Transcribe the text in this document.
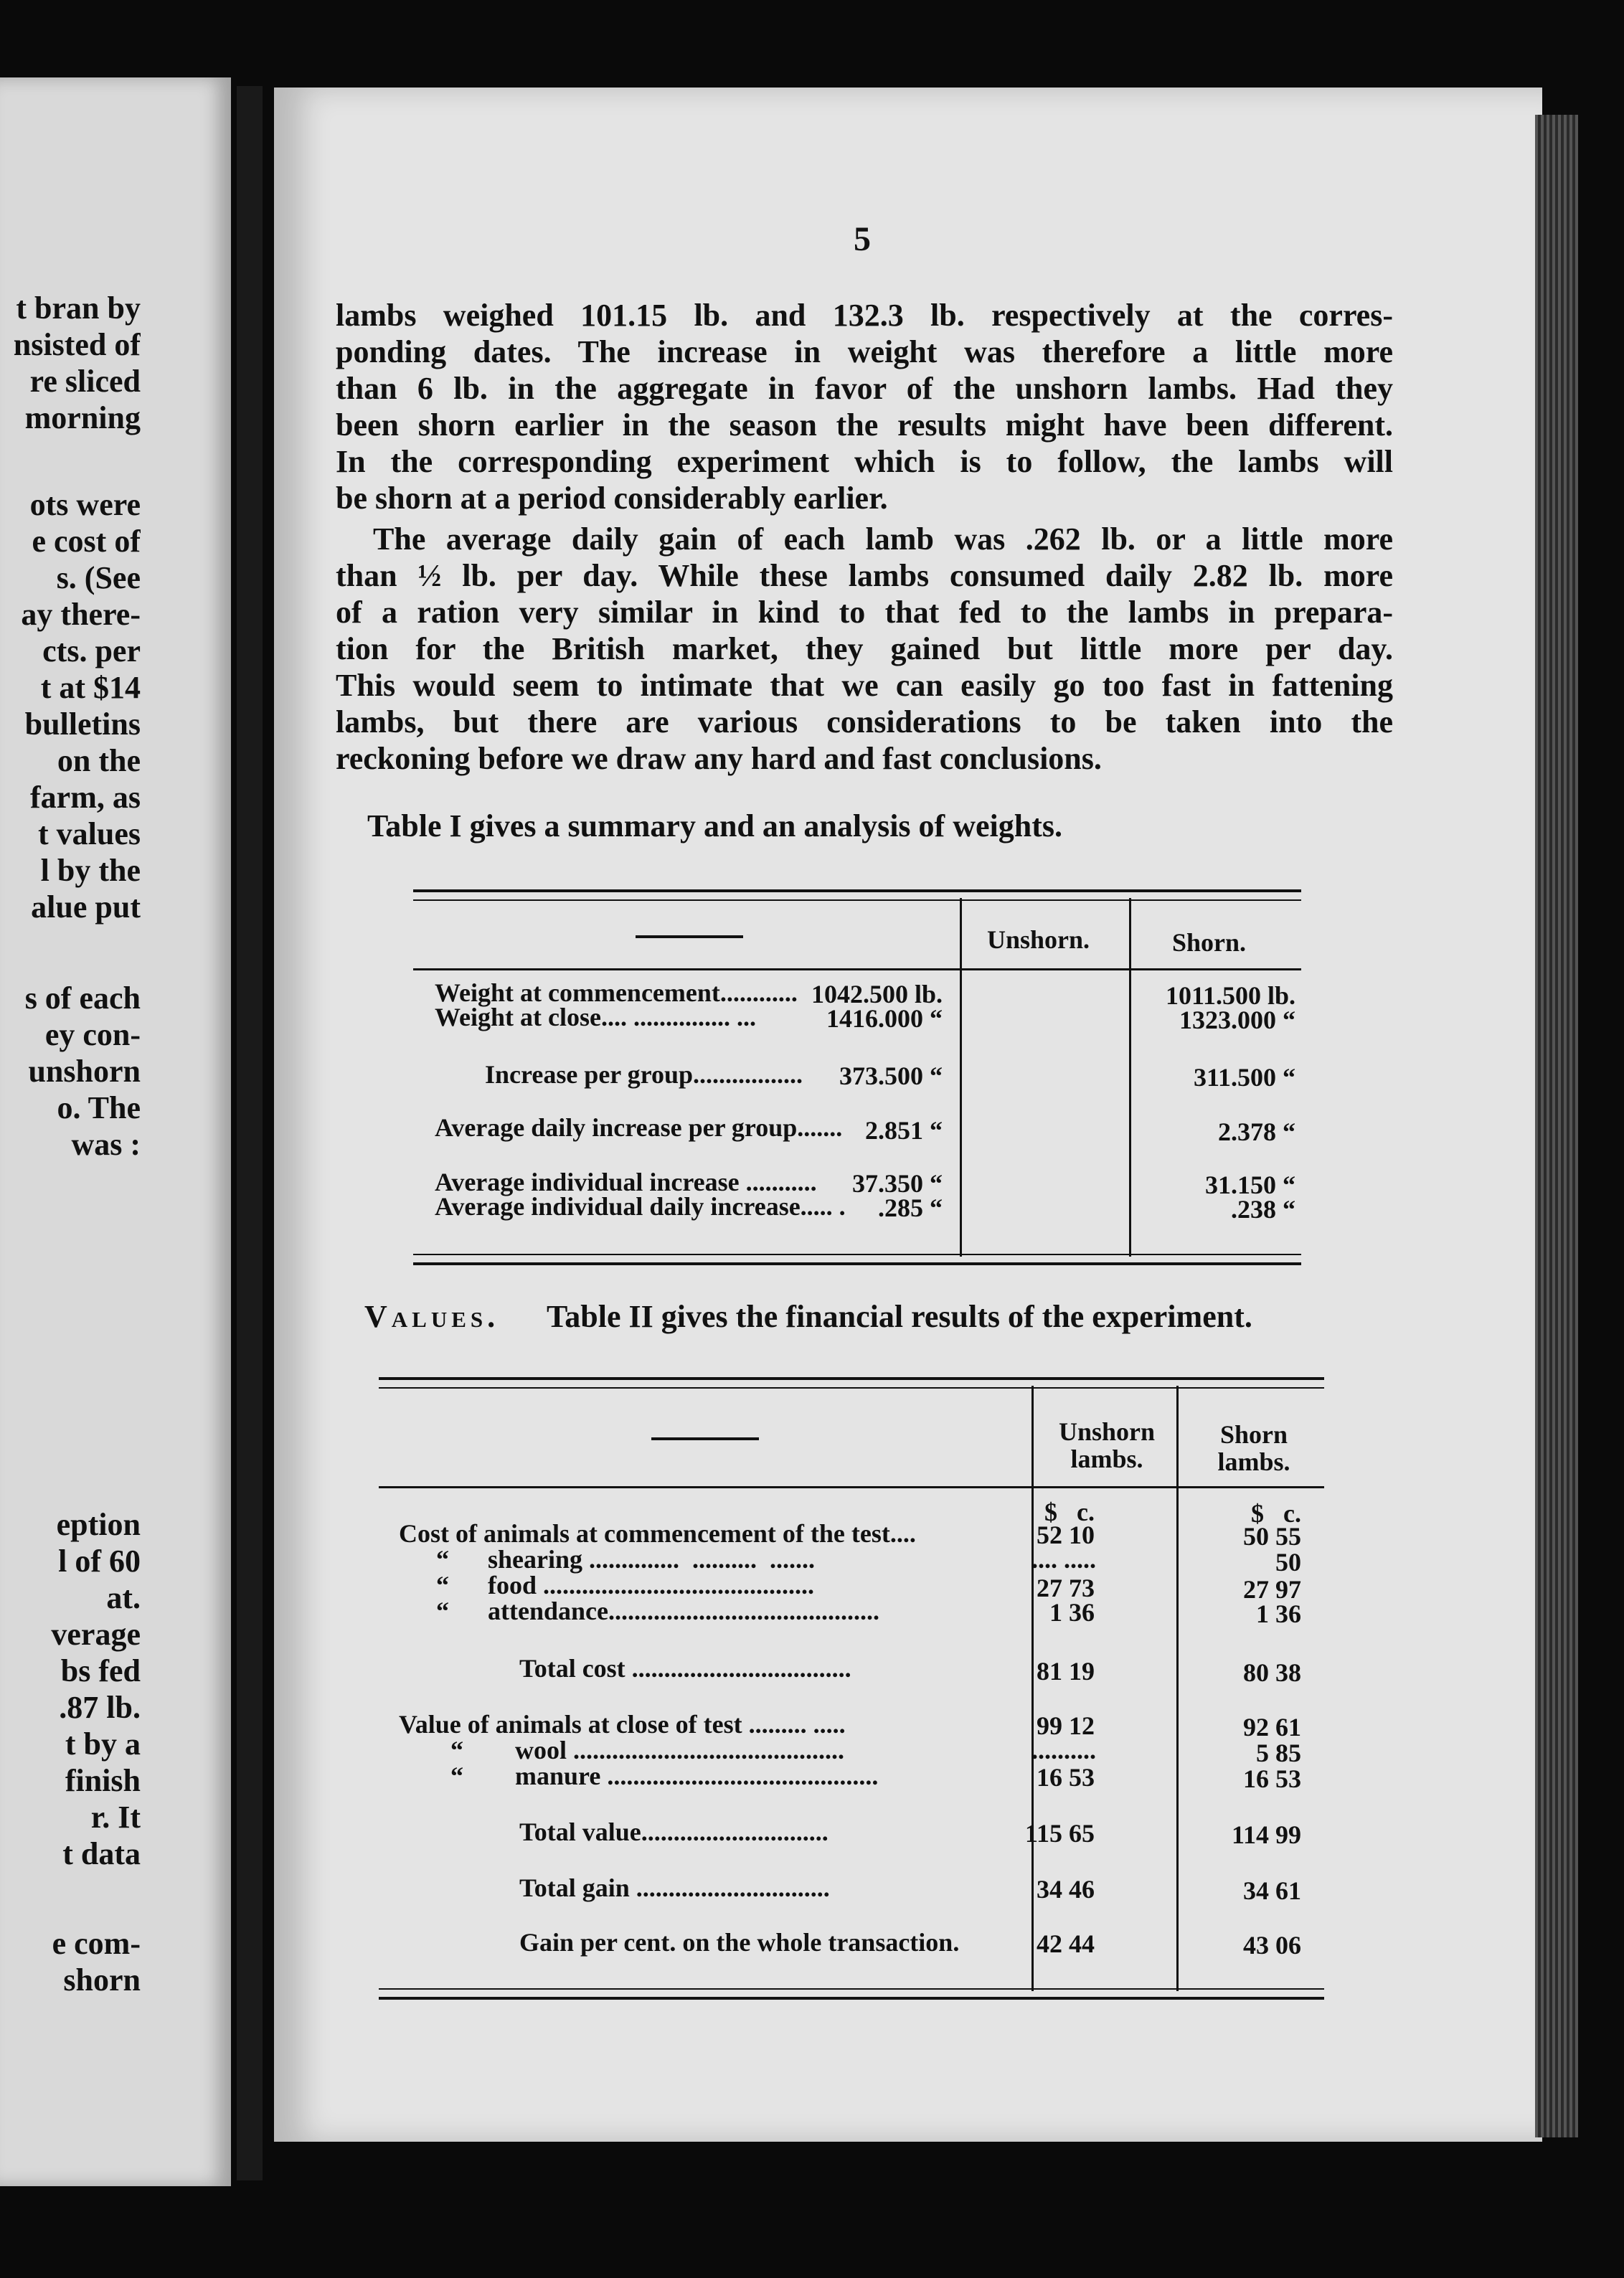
t bran by
nsisted of
re sliced
morning
ots were
e cost of
s. (See
ay there-
cts. per
t at $14
bulletins
on the
farm, as
t values
l by the
alue put
s of each
ey con-
unshorn
o. The
was :
eption
l of 60
at.
verage
bs fed
.87 lb.
t by a
finish
r. It
t data
e com-
shorn
5
lambs weighed 101.15 lb. and 132.3 lb. respectively at the corres-
ponding dates. The increase in weight was therefore a little more
than 6 lb. in the aggregate in favor of the unshorn lambs. Had they
been shorn earlier in the season the results might have been different.
In the corresponding experiment which is to follow, the lambs will
be shorn at a period considerably earlier.
The average daily gain of each lamb was .262 lb. or a little more
than ½ lb. per day. While these lambs consumed daily 2.82 lb. more
of a ration very similar in kind to that fed to the lambs in prepara-
tion for the British market, they gained but little more per day.
This would seem to intimate that we can easily go too fast in fattening
lambs, but there are various considerations to be taken into the
reckoning before we draw any hard and fast conclusions.
Table I gives a summary and an analysis of weights.
Unshorn.	Shorn.
Weight at commencement............ 1042.500 lb.	1011.500 lb.
Weight at close.... ............... ...	1416.000 “	1323.000 “
Increase per group................. 373.500 “	311.500 “
Average daily increase per group....... 2.851 “	2.378 “
Average individual increase ........... 37.350 “	31.150 “
Average individual daily increase..... . .285 “	.238 “
Values. Table II gives the financial results of the experiment.
Unshorn
lambs.
Shorn
lambs.
$   c.	$   c.
Cost of animals at commencement of the test....	52 10	50 55
“      shearing ..............  ..........  .......	.... .....	50
“      food ..........................................	27 73	27 97
“      attendance..........................................	1 36	1 36
Total cost ..................................	81 19	80 38
Value of animals at close of test ......... .....	99 12	92 61
“        wool ..........................................	..........	5 85
“        manure ..........................................	16 53	16 53
Total value.............................	115 65	114 99
Total gain ..............................	34 46	34 61
Gain per cent. on the whole transaction.	42 44	43 06
